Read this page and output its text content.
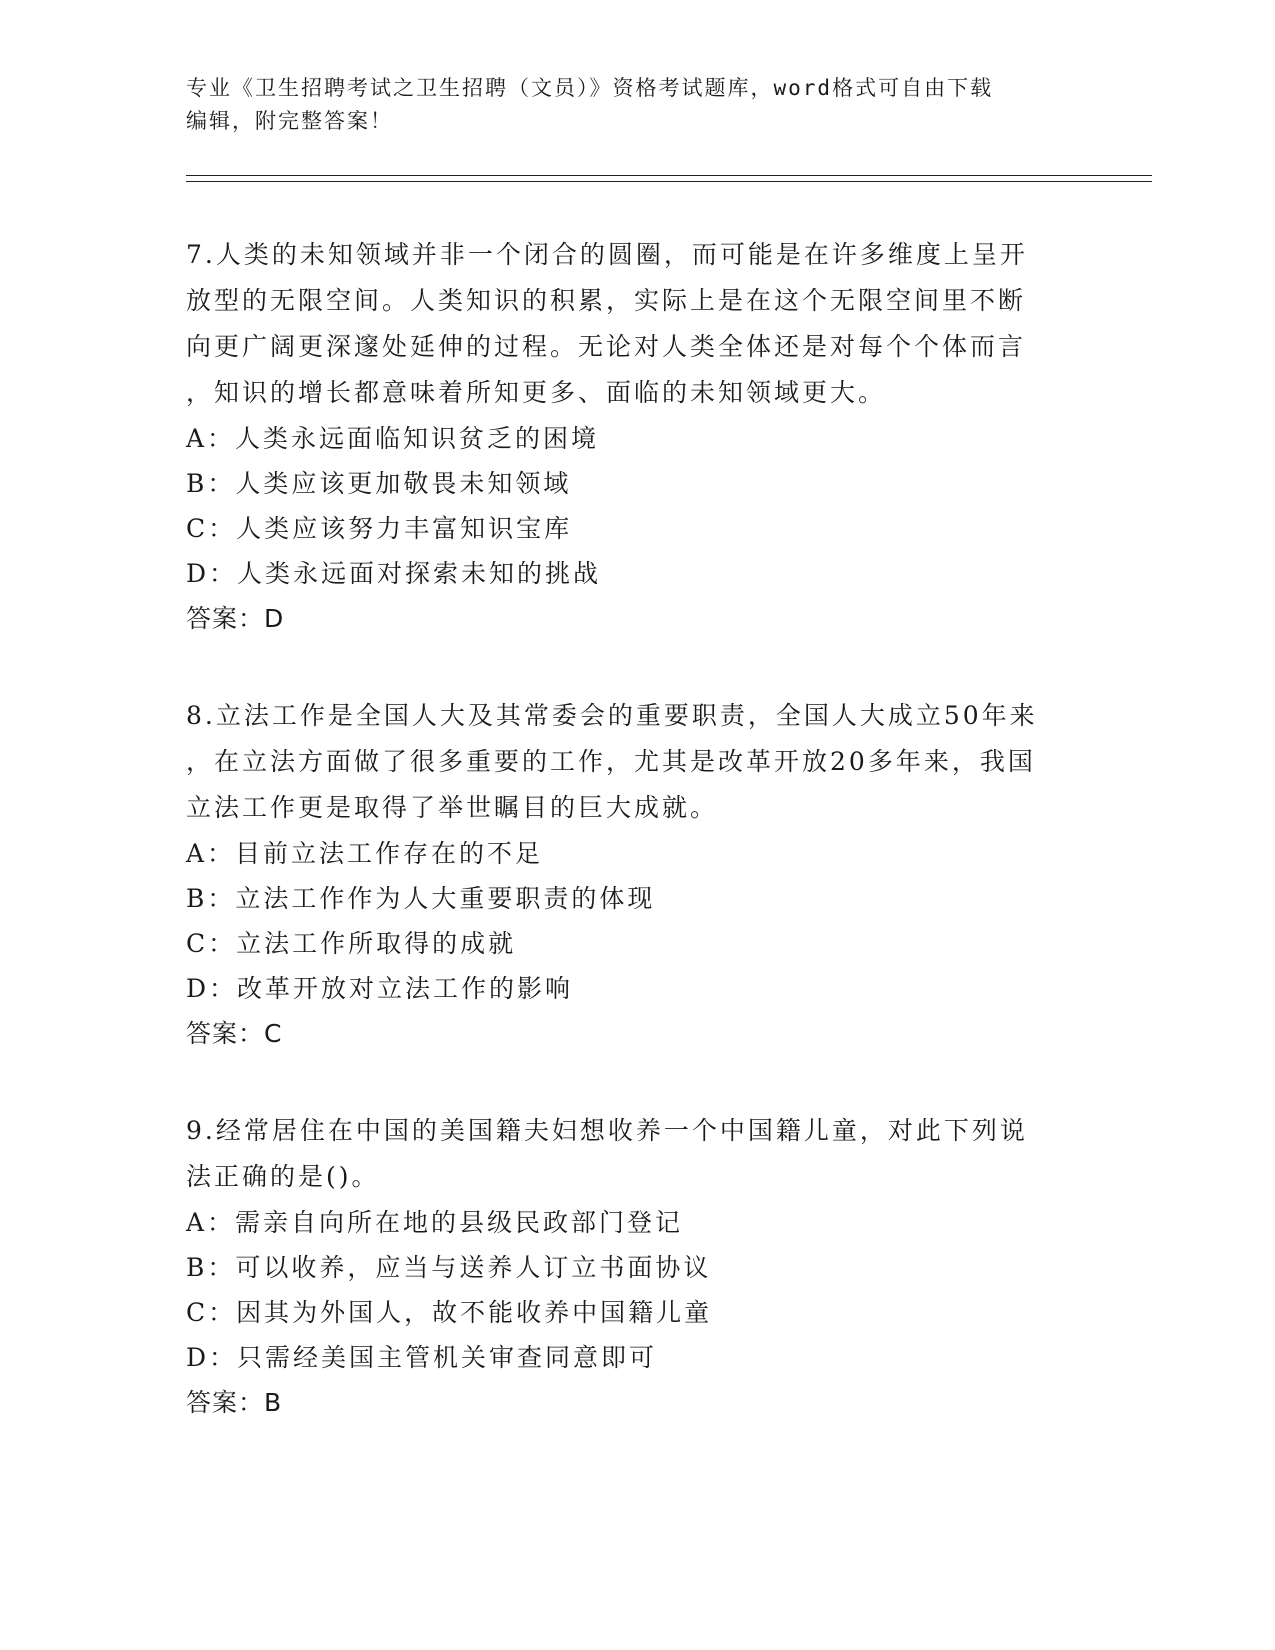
专业《卫生招聘考试之卫生招聘（文员）》资格考试题库，word格式可自由下载
编辑，附完整答案！

7.人类的未知领域并非一个闭合的圆圈，而可能是在许多维度上呈开

放型的无限空间。人类知识的积累，实际上是在这个无限空间里不断

向更广阔更深邃处延伸的过程。无论对人类全体还是对每个个体而言

，知识的增长都意味着所知更多、面临的未知领域更大。

A：人类永远面临知识贫乏的困境

B：人类应该更加敬畏未知领域

C：人类应该努力丰富知识宝库

D：人类永远面对探索未知的挑战

答案：D

8.立法工作是全国人大及其常委会的重要职责，全国人大成立50年来

，在立法方面做了很多重要的工作，尤其是改革开放20多年来，我国

立法工作更是取得了举世瞩目的巨大成就。

A：目前立法工作存在的不足

B：立法工作作为人大重要职责的体现

C：立法工作所取得的成就

D：改革开放对立法工作的影响

答案：C

9.经常居住在中国的美国籍夫妇想收养一个中国籍儿童，对此下列说

法正确的是()。

A：需亲自向所在地的县级民政部门登记

B：可以收养，应当与送养人订立书面协议

C：因其为外国人，故不能收养中国籍儿童

D：只需经美国主管机关审查同意即可

答案：B
